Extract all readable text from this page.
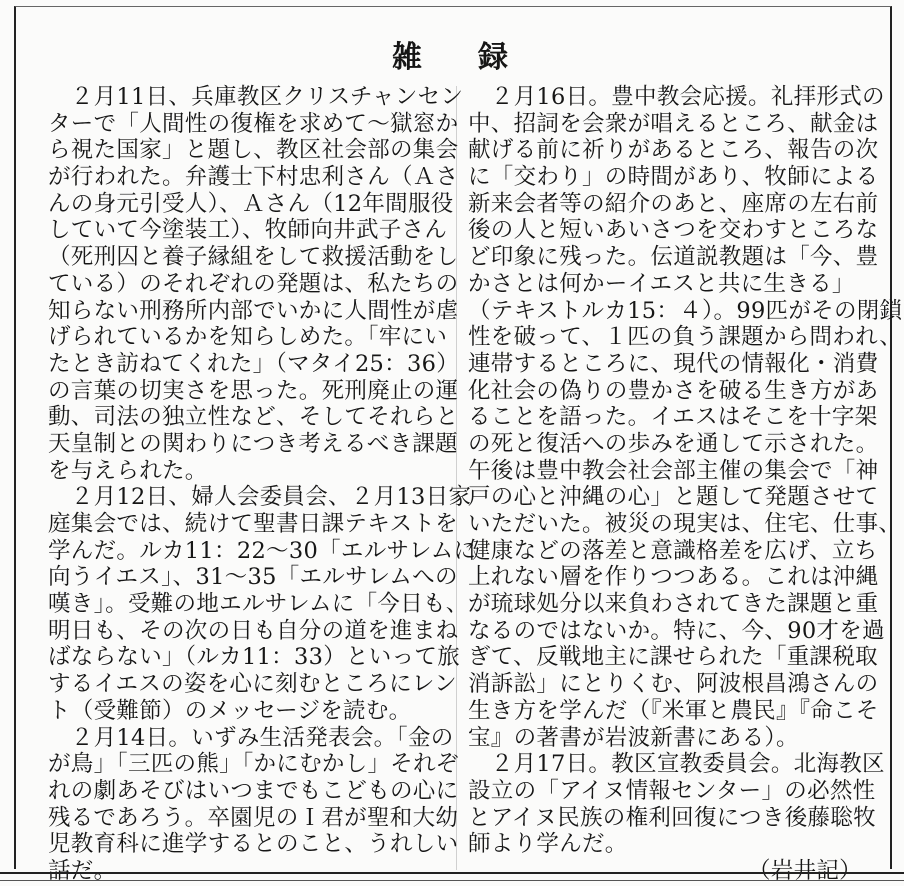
雑 録
　２月11日、兵庫教区クリスチャンセン
ターで「人間性の復権を求めて〜獄窓か
ら視た国家」と題し、教区社会部の集会
が行われた。弁護士下村忠利さん（Ａさ
んの身元引受人）、Ａさん（12年間服役
していて今塗装工）、牧師向井武子さん
（死刑囚と養子縁組をして救援活動をし
ている）のそれぞれの発題は、私たちの
知らない刑務所内部でいかに人間性が虐
げられているかを知らしめた。「牢にい
たとき訪ねてくれた」（マタイ25：36）
の言葉の切実さを思った。死刑廃止の運
動、司法の独立性など、そしてそれらと
天皇制との関わりにつき考えるべき課題
を与えられた。
　２月12日、婦人会委員会、２月13日家
庭集会では、続けて聖書日課テキストを
学んだ。ルカ11：22〜30「エルサレムに
向うイエス」、31〜35「エルサレムへの
嘆き」。受難の地エルサレムに「今日も、
明日も、その次の日も自分の道を進まね
ばならない」（ルカ11：33）といって旅
するイエスの姿を心に刻むところにレン
ト（受難節）のメッセージを読む。
　２月14日。いずみ生活発表会。「金の
が鳥」「三匹の熊」「かにむかし」それぞ
れの劇あそびはいつまでもこどもの心に
残るであろう。卒園児のＩ君が聖和大幼
児教育科に進学するとのこと、うれしい
話だ。
　２月16日。豊中教会応援。礼拝形式の
中、招詞を会衆が唱えるところ、献金は
献げる前に祈りがあるところ、報告の次
に「交わり」の時間があり、牧師による
新来会者等の紹介のあと、座席の左右前
後の人と短いあいさつを交わすところな
ど印象に残った。伝道説教題は「今、豊
かさとは何かーイエスと共に生きる」
（テキストルカ15：４）。99匹がその閉鎖
性を破って、１匹の負う課題から問われ、
連帯するところに、現代の情報化・消費
化社会の偽りの豊かさを破る生き方があ
ることを語った。イエスはそこを十字架
の死と復活への歩みを通して示された。
午後は豊中教会社会部主催の集会で「神
戸の心と沖縄の心」と題して発題させて
いただいた。被災の現実は、住宅、仕事、
健康などの落差と意識格差を広げ、立ち
上れない層を作りつつある。これは沖縄
が琉球処分以来負わされてきた課題と重
なるのではないか。特に、今、90才を過
ぎて、反戦地主に課せられた「重課税取
消訴訟」にとりくむ、阿波根昌鴻さんの
生き方を学んだ（『米軍と農民』『命こそ
宝』の著書が岩波新書にある）。
　２月17日。教区宣教委員会。北海教区
設立の「アイヌ情報センター」の必然性
とアイヌ民族の権利回復につき後藤聡牧
師より学んだ。
（岩井記）
